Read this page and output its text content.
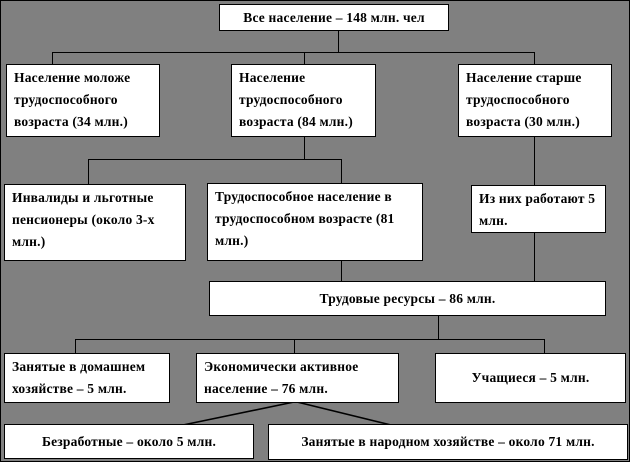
Все население – 148 млн. чел
Население моложе трудоспособного возраста (34 млн.)
Население трудоспособного возраста (84 млн.)
Население старше трудоспособного возраста (30 млн.)
Инвалиды и льготные пенсионеры (около 3-х млн.)
Трудоспособное население в трудоспособном возрасте (81 млн.)
Из них работают 5 млн.
Трудовые ресурсы – 86 млн.
Занятые в домашнем хозяйстве – 5 млн.
Экономически активное население – 76 млн.
Учащиеся – 5 млн.
Безработные – около 5 млн.	Занятые в народном хозяйстве – около 71 млн.
